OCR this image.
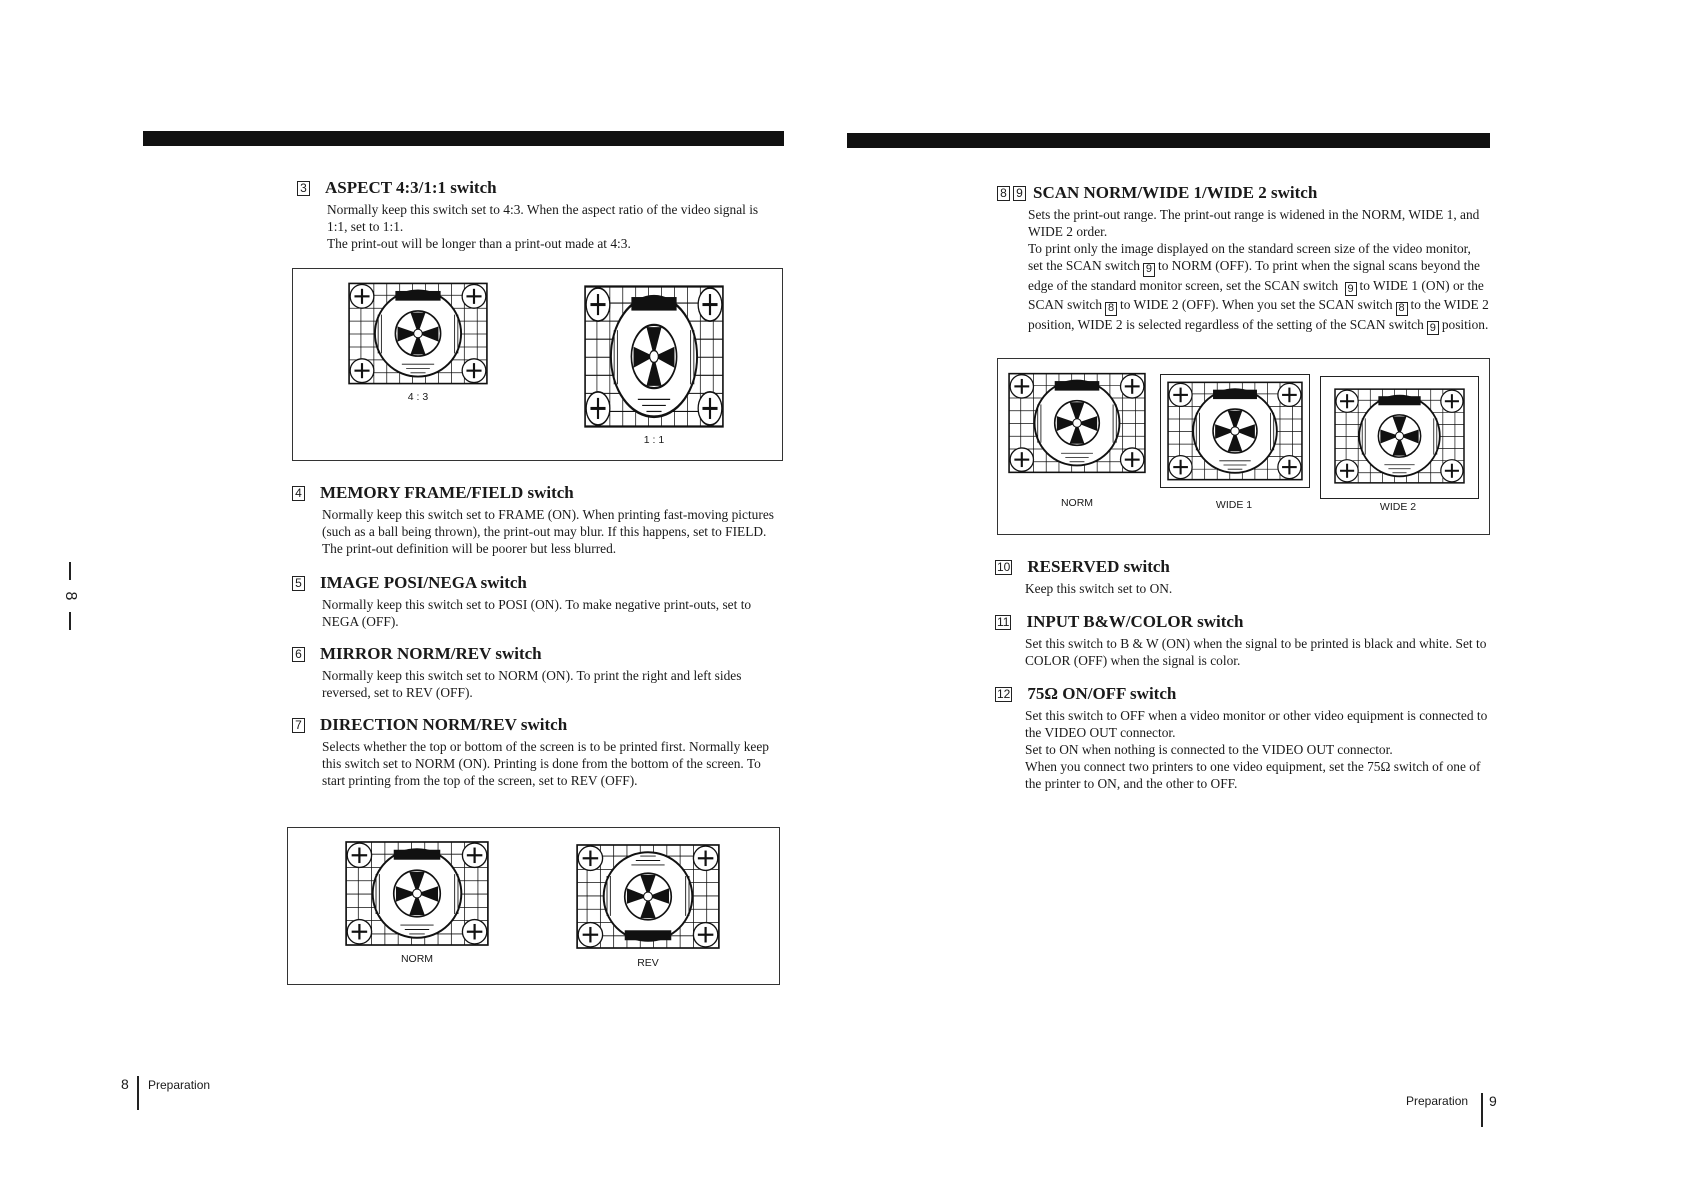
3 ASPECT 4:3/1:1 switch
Normally keep this switch set to 4:3. When the aspect ratio of the video signal is 1:1, set to 1:1.
The print-out will be longer than a print-out made at 4:3.
4 : 3
1 : 1
4 MEMORY FRAME/FIELD switch
Normally keep this switch set to FRAME (ON). When printing fast-moving pictures (such as a ball being thrown), the print-out may blur. If this happens, set to FIELD. The print-out definition will be poorer but less blurred.
5 IMAGE POSI/NEGA switch
Normally keep this switch set to POSI (ON). To make negative print-outs, set to NEGA (OFF).
6 MIRROR NORM/REV switch
Normally keep this switch set to NORM (ON). To print the right and left sides reversed, set to REV (OFF).
7 DIRECTION NORM/REV switch
Selects whether the top or bottom of the screen is to be printed first. Normally keep this switch set to NORM (ON). Printing is done from the bottom of the screen. To start printing from the top of the screen, set to REV (OFF).
NORM	REV
8
8 Preparation
8 9 SCAN NORM/WIDE 1/WIDE 2 switch
Sets the print-out range. The print-out range is widened in the NORM, WIDE 1, and WIDE 2 order.
To print only the image displayed on the standard screen size of the video monitor, set the SCAN switch 9 to NORM (OFF). To print when the signal scans beyond the edge of the standard monitor screen, set the SCAN switch 9 to WIDE 1 (ON) or the SCAN switch 8 to WIDE 2 (OFF). When you set the SCAN switch 8 to the WIDE 2 position, WIDE 2 is selected regardless of the setting of the SCAN switch 9 position.
NORM	WIDE 1	WIDE 2
10 RESERVED switch
Keep this switch set to ON.
11 INPUT B&W/COLOR switch
Set this switch to B & W (ON) when the signal to be printed is black and white. Set to COLOR (OFF) when the signal is color.
12 75Ω ON/OFF switch
Set this switch to OFF when a video monitor or other video equipment is connected to the VIDEO OUT connector.
Set to ON when nothing is connected to the VIDEO OUT connector.
When you connect two printers to one video equipment, set the 75Ω switch of one of the printer to ON, and the other to OFF.
Preparation 9
